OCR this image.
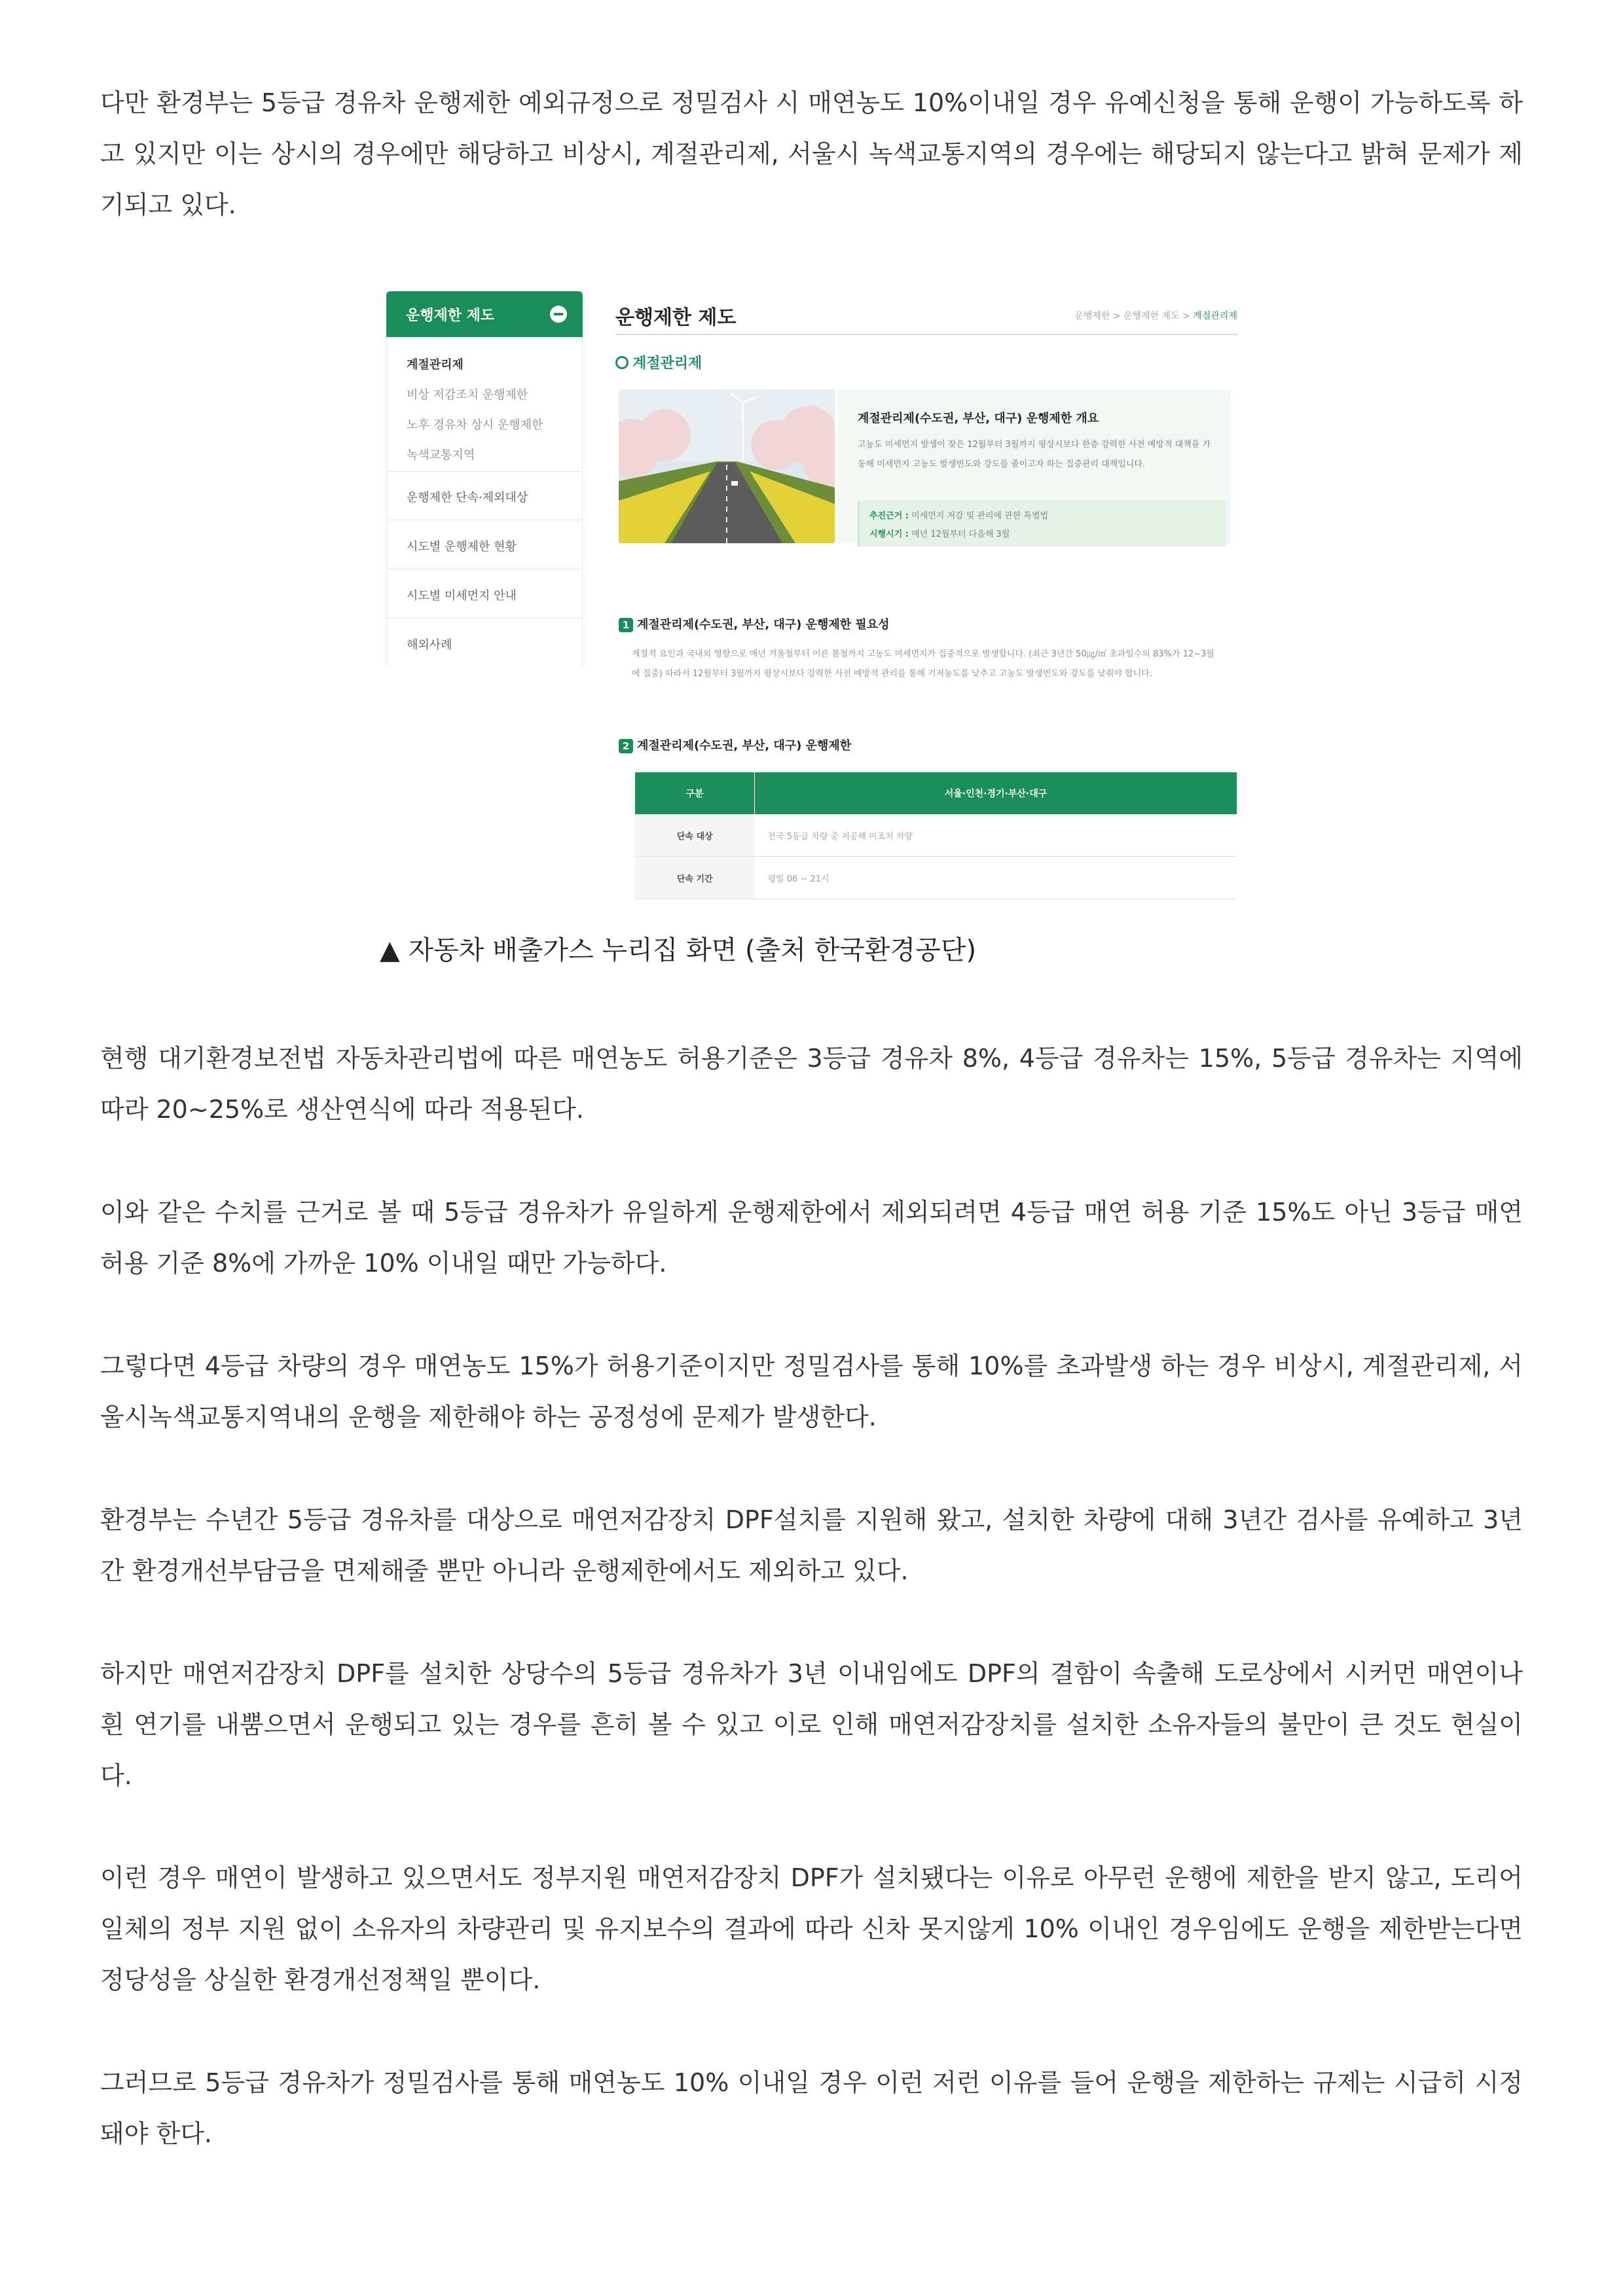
다만 환경부는 5등급 경유차 운행제한 예외규정으로 정밀검사 시 매연농도 10%이내일 경우 유예신청을 통해 운행이 가능하도록 하고 있지만 이는 상시의 경우에만 해당하고 비상시, 계절관리제, 서울시 녹색교통지역의 경우에는 해당되지 않는다고 밝혀 문제가 제기되고 있다.

운행제한 제도
계절관리제
비상 저감조치 운행제한
노후 경유차 상시 운행제한
녹색교통지역
운행제한 단속·제외대상
시도별 운행제한 현황
시도별 미세먼지 안내
해외사례
운행제한 제도	운행제한 > 운행제한 제도 > 계절관리제
계절관리제
계절관리제(수도권, 부산, 대구) 운행제한 개요
고농도 미세먼지 발생이 잦은 12월부터 3월까지 평상시보다 한층 강력한 사전 예방적 대책을 가동해 미세먼지 고농도 발생빈도와 강도를 줄이고자 하는 집중관리 대책입니다.
추진근거 : 미세먼지 저감 및 관리에 관한 특별법
시행시기 : 매년 12월부터 다음해 3월
1 계절관리제(수도권, 부산, 대구) 운행제한 필요성
계절적 요인과 국내외 영향으로 매년 겨울철부터 이른 봄철까지 고농도 미세먼지가 집중적으로 발생합니다. (최근 3년간 50㎍/㎥ 초과일수의 83%가 12~3월에 집중) 따라서 12월부터 3월까지 평상시보다 강력한 사전 예방적 관리를 통해 기저농도를 낮추고 고농도 발생빈도와 강도를 낮춰야 합니다.
2 계절관리제(수도권, 부산, 대구) 운행제한
구분	서울·인천·경기·부산·대구
단속 대상	전국 5등급 차량 중 저공해 미조치 차량
단속 기간	평일 06 ~ 21시

▲ 자동차 배출가스 누리집 화면 (출처 한국환경공단)

현행 대기환경보전법 자동차관리법에 따른 매연농도 허용기준은 3등급 경유차 8%, 4등급 경유차는 15%, 5등급 경유차는 지역에 따라 20~25%로 생산연식에 따라 적용된다.

이와 같은 수치를 근거로 볼 때 5등급 경유차가 유일하게 운행제한에서 제외되려면 4등급 매연 허용 기준 15%도 아닌 3등급 매연 허용 기준 8%에 가까운 10% 이내일 때만 가능하다.

그렇다면 4등급 차량의 경우 매연농도 15%가 허용기준이지만 정밀검사를 통해 10%를 초과발생 하는 경우 비상시, 계절관리제, 서울시녹색교통지역내의 운행을 제한해야 하는 공정성에 문제가 발생한다.

환경부는 수년간 5등급 경유차를 대상으로 매연저감장치 DPF설치를 지원해 왔고, 설치한 차량에 대해 3년간 검사를 유예하고 3년간 환경개선부담금을 면제해줄 뿐만 아니라 운행제한에서도 제외하고 있다.

하지만 매연저감장치 DPF를 설치한 상당수의 5등급 경유차가 3년 이내임에도 DPF의 결함이 속출해 도로상에서 시커먼 매연이나 흰 연기를 내뿜으면서 운행되고 있는 경우를 흔히 볼 수 있고 이로 인해 매연저감장치를 설치한 소유자들의 불만이 큰 것도 현실이다.

이런 경우 매연이 발생하고 있으면서도 정부지원 매연저감장치 DPF가 설치됐다는 이유로 아무런 운행에 제한을 받지 않고, 도리어 일체의 정부 지원 없이 소유자의 차량관리 및 유지보수의 결과에 따라 신차 못지않게 10% 이내인 경우임에도 운행을 제한받는다면 정당성을 상실한 환경개선정책일 뿐이다.

그러므로 5등급 경유차가 정밀검사를 통해 매연농도 10% 이내일 경우 이런 저런 이유를 들어 운행을 제한하는 규제는 시급히 시정돼야 한다.
